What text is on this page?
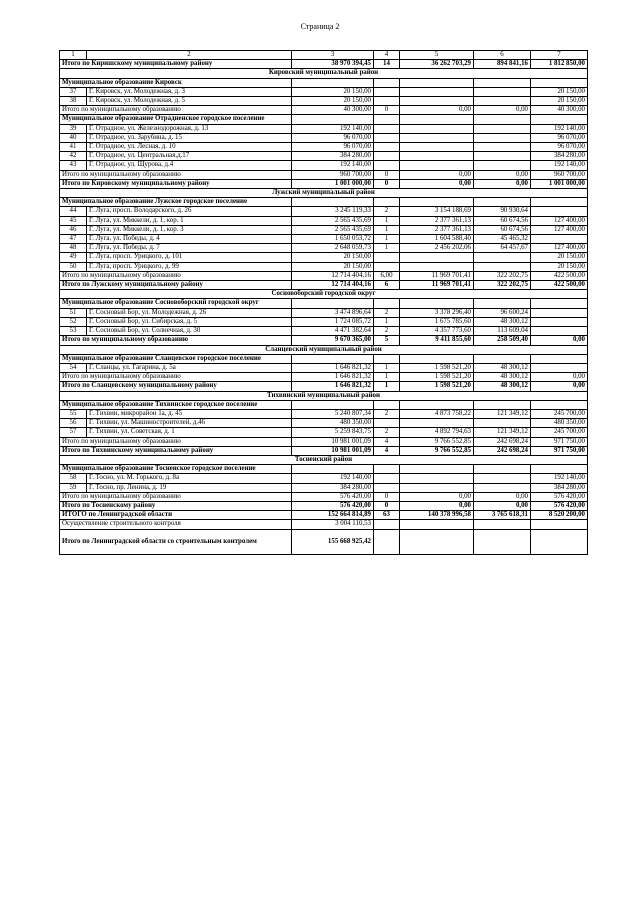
Страница 2
1	2	3	4	5	6	7
Итого по Киришскому муниципальному району		38 970 394,45	14	36 262 703,29	894 841,16	1 812 850,00
Кировский муниципальный район						
Муниципальное образование Кировск						
37	Г. Кировск, ул. Молодежная, д. 3	20 150,00				20 150,00
38	Г. Кировск, ул. Молодежная, д. 5	20 150,00				20 150,00
Итого по муниципальному образованию		40 300,00	0	0,00	0,00	40 300,00
Муниципальное образование Отрадненское городское поселение						
39	Г. Отрадное, ул. Железнодорожная, д. 13	192 140,00				192 140,00
40	Г. Отрадное, ул. Зарубина, д. 15	96 070,00				96 070,00
41	Г. Отрадное, ул. Лесная, д. 10	96 070,00				96 070,00
42	Г. Отрадное, ул. Центральная,д.17	384 280,00				384 280,00
43	Г. Отрадное, ул. Щурова, д.4	192 140,00				192 140,00
Итого по муниципальному образованию		960 700,00	0	0,00	0,00	960 700,00
Итого по Кировскому муниципальному району		1 001 000,00	0	0,00	0,00	1 001 000,00
Лужский муниципальный район						
Муниципальное образование Лужское городское поселение						
44	Г. Луга, просп. Володарского, д. 26	3 245 119,33	2	3 154 188,69	90 930,64	
45	Г. Луга, ул. Миккели, д. 1, кор. 1	2 565 435,69	1	2 377 361,13	60 674,56	127 400,00
46	Г. Луга, ул. Миккели, д. 1, кор. 3	2 565 435,69	1	2 377 361,13	60 674,56	127 400,00
47	Г. Луга, ул. Победы, д. 4	1 650 053,72	1	1 604 588,40	45 465,32	
48	Г. Луга, ул. Победы, д. 7	2 648 059,73	1	2 456 202,06	64 457,67	127 400,00
49	Г. Луга, просп. Урицкого, д. 101	20 150,00				20 150,00
50	Г. Луга, просп. Урицкого, д. 99	20 150,00				20 150,00
Итого по муниципальному образованию		12 714 404,16	6,00	11 969 701,41	322 202,75	422 500,00
Итого по Лужскому муниципальному району		12 714 404,16	6	11 969 701,41	322 202,75	422 500,00
Сосновоборский городской округ						
Муниципальное образование Сосновоборский городской округ						
51	Г. Сосновый Бор, ул. Молодежная, д. 26	3 474 896,64	2	3 378 296,40	96 600,24	
52	Г. Сосновый Бор, ул. Сибирская, д. 5	1 724 085,72	1	1 675 785,60	48 300,12	
53	Г. Сосновый Бор, ул. Солнечная, д. 30	4 471 382,64	2	4 357 773,60	113 609,04	
Итого по муниципальному образованию		9 670 365,00	5	9 411 855,60	258 509,40	0,00
Сланцевский муниципальный район						
Муниципальное образование Сланцевское городское поселение						
54	Г. Сланцы, ул. Гагарина, д. 5а	1 646 821,32	1	1 598 521,20	48 300,12	
Итого по муниципальному образованию		1 646 821,32	1	1 598 521,20	48 300,12	0,00
Итого по Сланцевскому муниципальному району		1 646 821,32	1	1 598 521,20	48 300,12	0,00
Тихвинский муниципальный район						
Муниципальное образование Тихвинское городское поселение						
55	Г. Тихвин, микрорайон 1а, д. 45	5 240 807,34	2	4 873 758,22	121 349,12	245 700,00
56	Г. Тихвин, ул. Машиностроителей, д.46	480 350,00				480 350,00
57	Г. Тихвин, ул. Советская, д. 1	5 259 843,75	2	4 892 794,63	121 349,12	245 700,00
Итого по муниципальному образованию		10 981 001,09	4	9 766 552,85	242 698,24	971 750,00
Итого по Тихвинскому муниципальному району		10 981 001,09	4	9 766 552,85	242 698,24	971 750,00
Тосненский район						
Муниципальное образование Тосненское городское поселение						
58	Г. Тосно, ул. М. Горького, д. 8а	192 140,00				192 140,00
59	Г. Тосно, пр. Ленина, д. 19	384 280,00				384 280,00
Итого по муниципальному образованию		576 420,00	0	0,00	0,00	576 420,00
Итого по Тосненскому району		576 420,00	0	0,00	0,00	576 420,00
ИТОГО по Ленинградской области		152 664 814,89	63	140 378 996,58	3 765 618,31	8 520 200,00
Осуществление строительного контроля		3 004 110,53				
Итого по Ленинградской области со строительным контролем		155 668 925,42				
